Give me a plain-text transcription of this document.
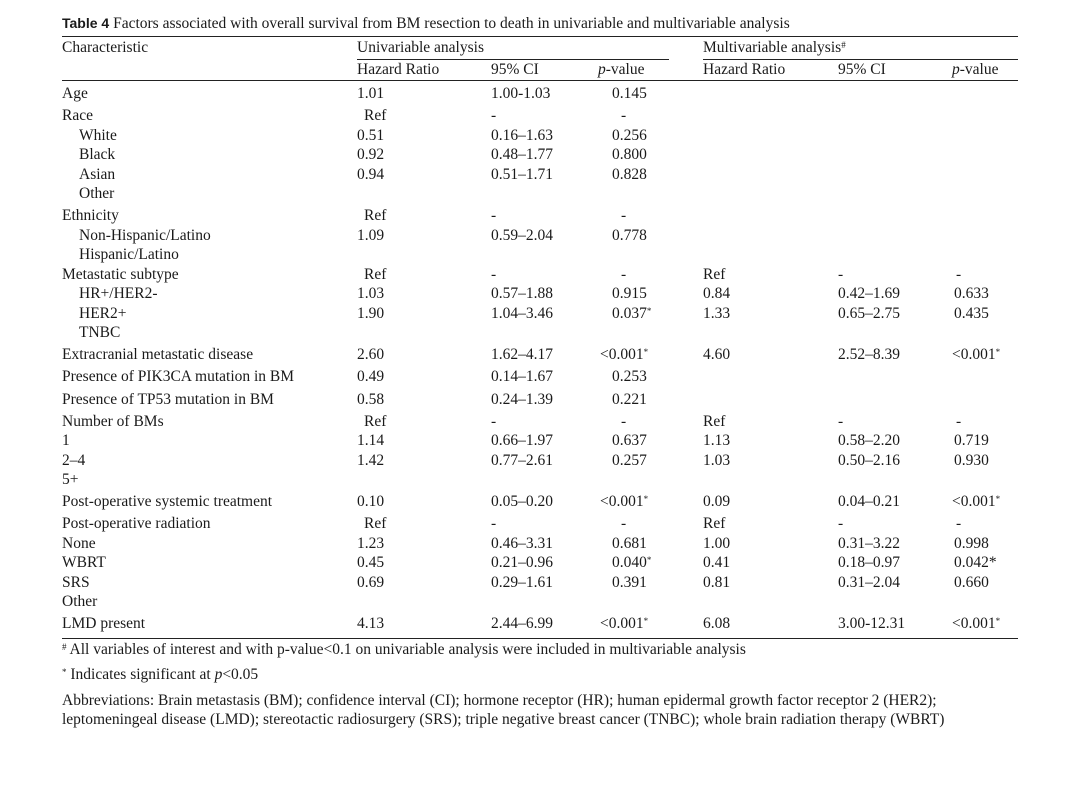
Table 4 Factors associated with overall survival from BM resection to death in univariable and multivariable analysis
Characteristic	Univariable analysis	Multivariable analysis#
Hazard Ratio	95% CI	p-value	Hazard Ratio	95% CI	p-value
Age	1.01	1.00-1.03	0.145
Race	Ref	-	-
White	0.51	0.16–1.63	0.256
Black	0.92	0.48–1.77	0.800
Asian	0.94	0.51–1.71	0.828
Other
Ethnicity	Ref	-	-
Non-Hispanic/Latino	1.09	0.59–2.04	0.778
Hispanic/Latino
Metastatic subtype	Ref	-	-	Ref	-	-
HR+/HER2-	1.03	0.57–1.88	0.915	0.84	0.42–1.69	0.633
HER2+	1.90	1.04–3.46	0.037*	1.33	0.65–2.75	0.435
TNBC
Extracranial metastatic disease	2.60	1.62–4.17	<0.001*	4.60	2.52–8.39	<0.001*
Presence of PIK3CA mutation in BM	0.49	0.14–1.67	0.253
Presence of TP53 mutation in BM	0.58	0.24–1.39	0.221
Number of BMs	Ref	-	-	Ref	-	-
1	1.14	0.66–1.97	0.637	1.13	0.58–2.20	0.719
2–4	1.42	0.77–2.61	0.257	1.03	0.50–2.16	0.930
5+
Post-operative systemic treatment	0.10	0.05–0.20	<0.001*	0.09	0.04–0.21	<0.001*
Post-operative radiation	Ref	-	-	Ref	-	-
None	1.23	0.46–3.31	0.681	1.00	0.31–3.22	0.998
WBRT	0.45	0.21–0.96	0.040*	0.41	0.18–0.97	0.042*
SRS	0.69	0.29–1.61	0.391	0.81	0.31–2.04	0.660
Other
LMD present	4.13	2.44–6.99	<0.001*	6.08	3.00-12.31	<0.001*
# All variables of interest and with p-value<0.1 on univariable analysis were included in multivariable analysis
* Indicates significant at p<0.05
Abbreviations: Brain metastasis (BM); confidence interval (CI); hormone receptor (HR); human epidermal growth factor receptor 2 (HER2);
leptomeningeal disease (LMD); stereotactic radiosurgery (SRS); triple negative breast cancer (TNBC); whole brain radiation therapy (WBRT)
